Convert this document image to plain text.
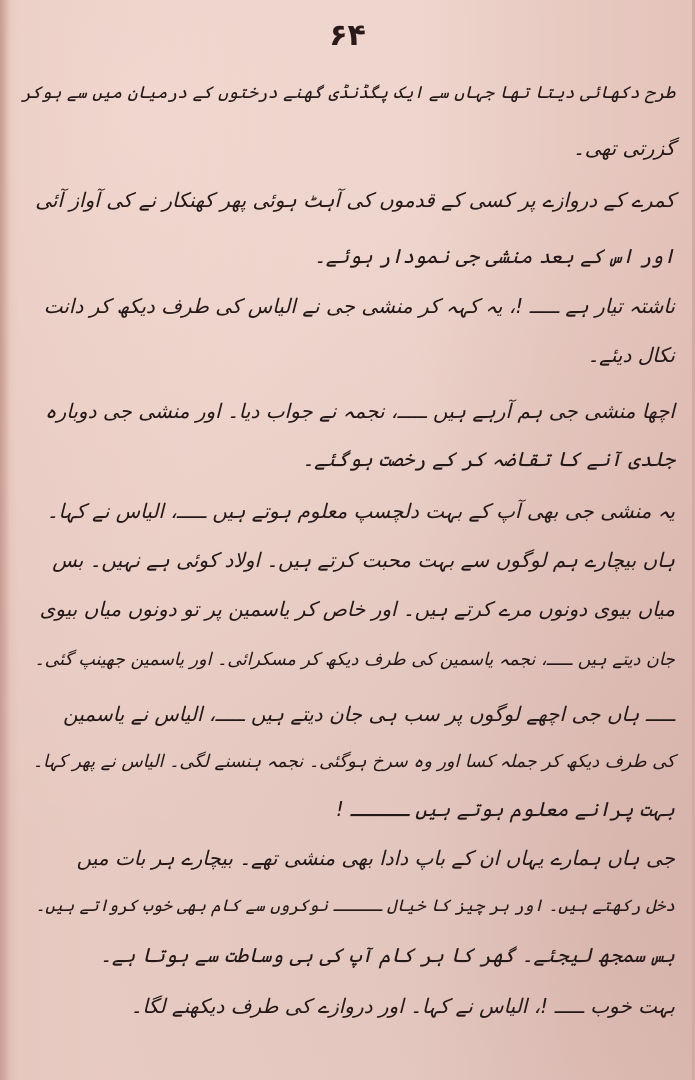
۶۴
طرح دکھائی دیتا تھا جہاں سے ایک پگڈنڈی گھنے درختوں کے درمیان میں سے ہوکر
گزرتی تھی۔
کمرے کے دروازے پر کسی کے قدموں کی آہٹ ہوئی پھر کھنکار نے کی آواز آئی
اور اس کے بعد منشی جی نمودار ہوئے۔
ناشتہ تیار ہے ـــــ !، یہ کہہ کر منشی جی نے الیاس کی طرف دیکھ کر دانت
نکال دیئے۔
اچھا منشی جی ہم آرہے ہیں ـــــ، نجمہ نے جواب دیا۔ اور منشی جی دوبارہ
جلدی آنے کا تقاضہ کر کے رخصت ہوگئے۔
یہ منشی جی بھی آپ کے بہت دلچسپ معلوم ہوتے ہیں ـــــ، الیاس نے کہا۔
ہاں بیچارے ہم لوگوں سے بہت محبت کرتے ہیں۔ اولاد کوئی ہے نہیں۔ بس
میاں بیوی دونوں مرے کرتے ہیں۔ اور خاص کر یاسمین پر تو دونوں میاں بیوی
جان دیتے ہیں ـــــ، نجمہ یاسمین کی طرف دیکھ کر مسکرائی۔ اور یاسمین جھینپ گئی۔
ـــــ ہاں جی اچھے لوگوں پر سب ہی جان دیتے ہیں ـــــ، الیاس نے یاسمین
کی طرف دیکھ کر جملہ کسا اور وہ سرخ ہوگئی۔ نجمہ ہنسنے لگی۔ الیاس نے پھر کہا۔
بہت پرانے معلوم ہوتے ہیں ـــــ !
جی ہاں ہمارے یہاں ان کے باپ دادا بھی منشی تھے۔ بیچارے ہر بات میں
دخل رکھتے ہیں۔ اور ہر چیز کا خیال ـــــ نوکروں سے کام بھی خوب کرواتے ہیں۔
بس سمجھ لیجئے۔ گھر کا ہر کام آپ کی ہی وساطت سے ہوتا ہے۔
بہت خوب ـــــ !، الیاس نے کہا۔ اور دروازے کی طرف دیکھنے لگا۔
